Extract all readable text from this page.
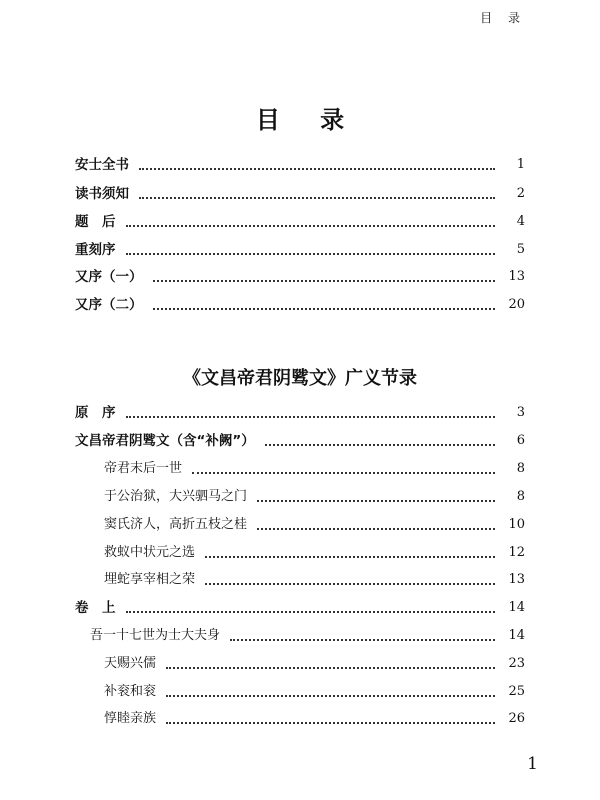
目 录
目 录
安士全书	1
读书须知	2
题　后	4
重刻序	5
又序（一）	13
又序（二）	20
《文昌帝君阴骘文》广义节录
原　序	3
文昌帝君阴骘文（含“补阙”）	6
帝君末后一世	8
于公治狱，大兴驷马之门	8
窦氏济人，高折五枝之桂	10
救蚁中状元之选	12
埋蛇享宰相之荣	13
卷　上	14
吾一十七世为士大夫身	14
天赐兴儒	23
补衮和衮	25
惇睦亲族	26
1
